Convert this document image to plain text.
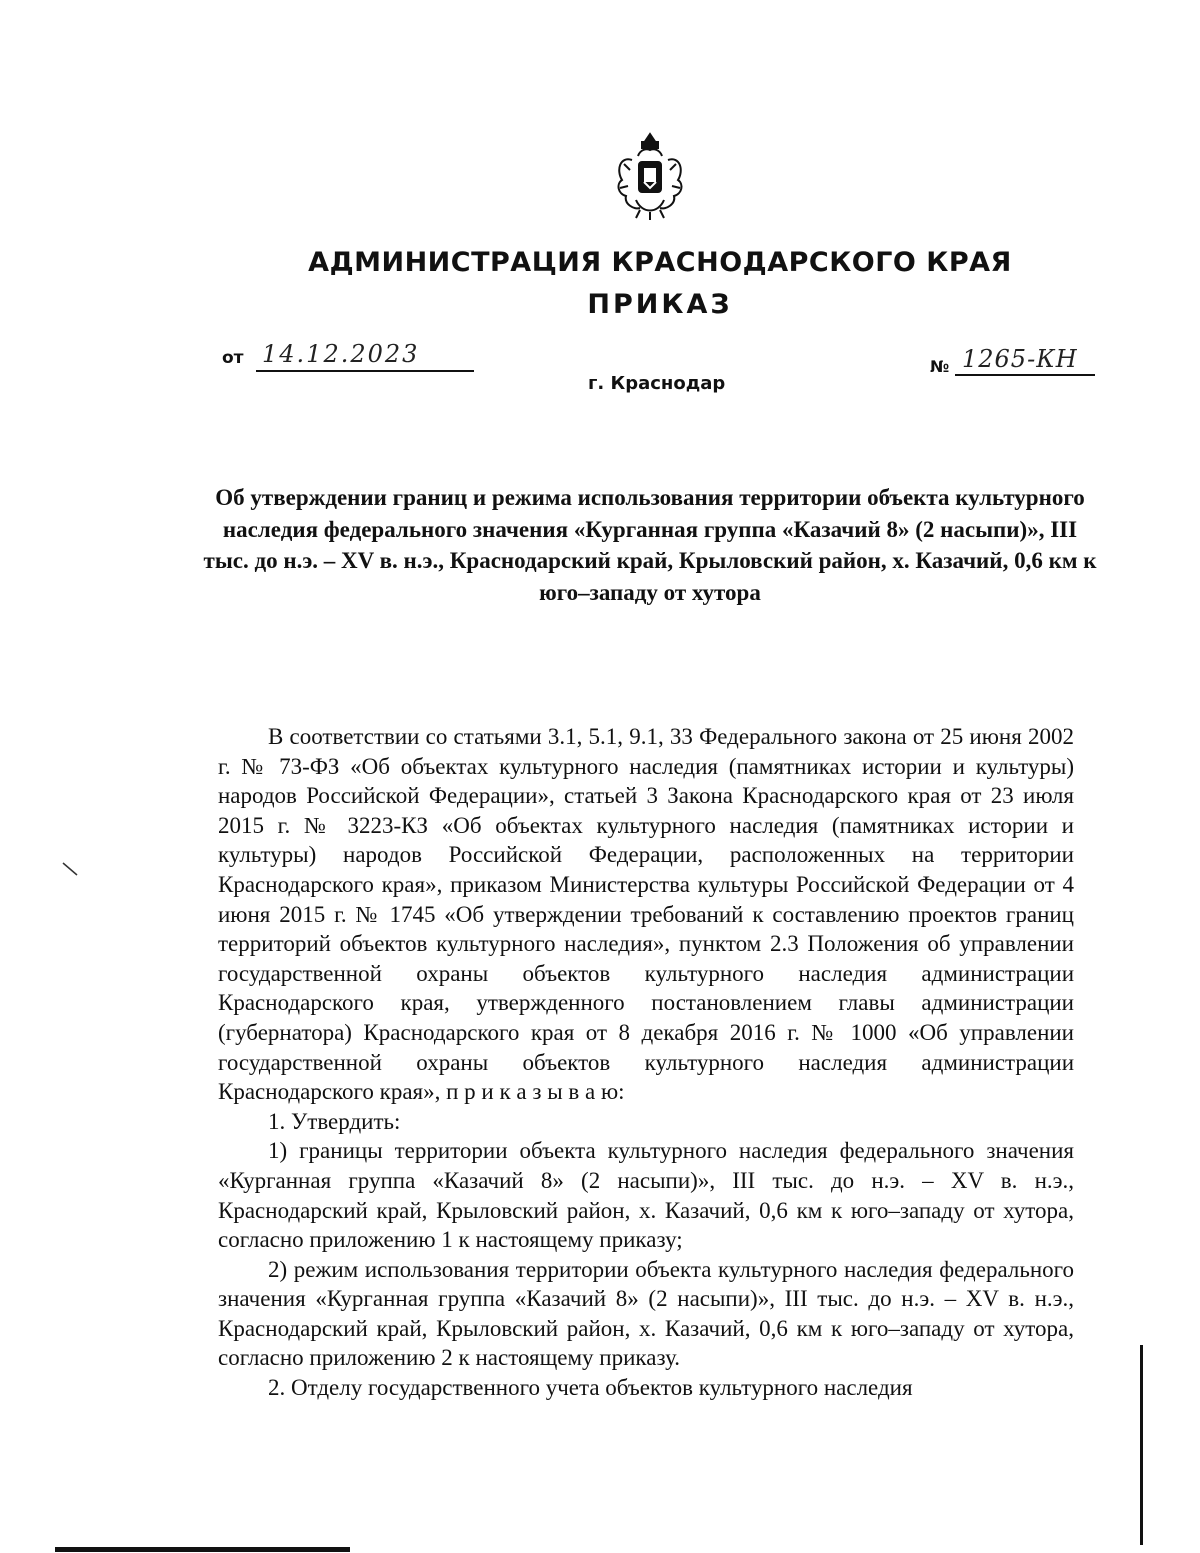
АДМИНИСТРАЦИЯ КРАСНОДАРСКОГО КРАЯ
ПРИКАЗ
от 14.12.2023
г. Краснодар
№ 1265-КН
Об утверждении границ и режима использования территории объекта культурного наследия федерального значения «Курганная группа «Казачий 8» (2 насыпи)», III тыс. до н.э. – XV в. н.э., Краснодарский край, Крыловский район, х. Казачий, 0,6 км к юго–западу от хутора

В соответствии со статьями 3.1, 5.1, 9.1, 33 Федерального закона от 25 июня 2002 г. № 73-ФЗ «Об объектах культурного наследия (памятниках истории и культуры) народов Российской Федерации», статьей 3 Закона Краснодарского края от 23 июля 2015 г. № 3223-КЗ «Об объектах культурного наследия (памятниках истории и культуры) народов Российской Федерации, расположенных на территории Краснодарского края», приказом Министерства культуры Российской Федерации от 4 июня 2015 г. № 1745 «Об утверждении требований к составлению проектов границ территорий объектов культурного наследия», пунктом 2.3 Положения об управлении государственной охраны объектов культурного наследия администрации Краснодарского края, утвержденного постановлением главы администрации (губернатора) Краснодарского края от 8 декабря 2016 г. № 1000 «Об управлении государственной охраны объектов культурного наследия администрации Краснодарского края», п р и к а з ы в а ю:

1. Утвердить:

1) границы территории объекта культурного наследия федерального значения «Курганная группа «Казачий 8» (2 насыпи)», III тыс. до н.э. – XV в. н.э., Краснодарский край, Крыловский район, х. Казачий, 0,6 км к юго–западу от хутора, согласно приложению 1 к настоящему приказу;

2) режим использования территории объекта культурного наследия федерального значения «Курганная группа «Казачий 8» (2 насыпи)», III тыс. до н.э. – XV в. н.э., Краснодарский край, Крыловский район, х. Казачий, 0,6 км к юго–западу от хутора, согласно приложению 2 к настоящему приказу.

2. Отделу государственного учета объектов культурного наследия
